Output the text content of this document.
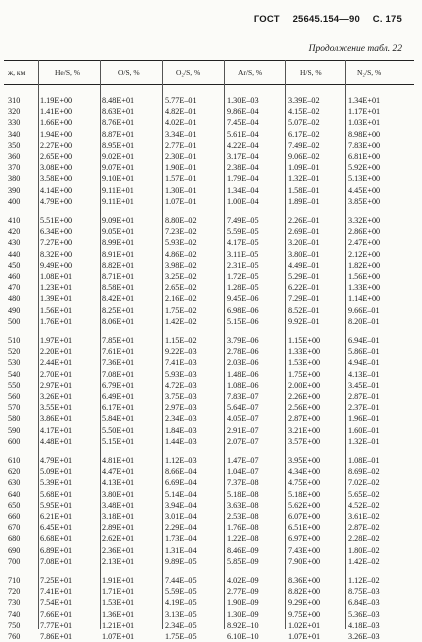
ГОСТ 25645.154—90 С. 175
Продолжение табл. 22
ж, км	He/S, %	O/S, %	O₂/S, %	Ar/S, %	H/S, %	N₂/S, %
310	1.19E+00	8.48E+01	5.77E–01	1.30E–03	3.39E–02	1.34E+01
320	1.41E+00	8.63E+01	4.82E–01	9.86E–04	4.15E–02	1.17E+01
330	1.66E+00	8.76E+01	4.02E–01	7.45E–04	5.07E–02	1.03E+01
340	1.94E+00	8.87E+01	3.34E–01	5.61E–04	6.17E–02	8.98E+00
350	2.27E+00	8.95E+01	2.77E–01	4.22E–04	7.49E–02	7.83E+00
360	2.65E+00	9.02E+01	2.30E–01	3.17E–04	9.06E–02	6.81E+00
370	3.08E+00	9.07E+01	1.90E–01	2.38E–04	1.09E–01	5.92E+00
380	3.58E+00	9.10E+01	1.57E–01	1.79E–04	1.32E–01	5.13E+00
390	4.14E+00	9.11E+01	1.30E–01	1.34E–04	1.58E–01	4.45E+00
400	4.79E+00	9.11E+01	1.07E–01	1.00E–04	1.89E–01	3.85E+00
410	5.51E+00	9.09E+01	8.80E–02	7.49E–05	2.26E–01	3.32E+00
420	6.34E+00	9.05E+01	7.23E–02	5.59E–05	2.69E–01	2.86E+00
430	7.27E+00	8.99E+01	5.93E–02	4.17E–05	3.20E–01	2.47E+00
440	8.32E+00	8.91E+01	4.86E–02	3.11E–05	3.80E–01	2.12E+00
450	9.49E+00	8.82E+01	3.98E–02	2.31E–05	4.49E–01	1.82E+00
460	1.08E+01	8.71E+01	3.25E–02	1.72E–05	5.29E–01	1.56E+00
470	1.23E+01	8.58E+01	2.65E–02	1.28E–05	6.22E–01	1.33E+00
480	1.39E+01	8.42E+01	2.16E–02	9.45E–06	7.29E–01	1.14E+00
490	1.56E+01	8.25E+01	1.75E–02	6.98E–06	8.52E–01	9.66E–01
500	1.76E+01	8.06E+01	1.42E–02	5.15E–06	9.92E–01	8.20E–01
510	1.97E+01	7.85E+01	1.15E–02	3.79E–06	1.15E+00	6.94E–01
520	2.20E+01	7.61E+01	9.22E–03	2.78E–06	1.33E+00	5.86E–01
530	2.44E+01	7.36E+01	7.41E–03	2.03E–06	1.53E+00	4.94E–01
540	2.70E+01	7.08E+01	5.93E–03	1.48E–06	1.75E+00	4.13E–01
550	2.97E+01	6.79E+01	4.72E–03	1.08E–06	2.00E+00	3.45E–01
560	3.26E+01	6.49E+01	3.75E–03	7.83E–07	2.26E+00	2.87E–01
570	3.55E+01	6.17E+01	2.97E–03	5.64E–07	2.56E+00	2.37E–01
580	3.86E+01	5.84E+01	2.34E–03	4.05E–07	2.87E+00	1.96E–01
590	4.17E+01	5.50E+01	1.84E–03	2.91E–07	3.21E+00	1.60E–01
600	4.48E+01	5.15E+01	1.44E–03	2.07E–07	3.57E+00	1.32E–01
610	4.79E+01	4.81E+01	1.12E–03	1.47E–07	3.95E+00	1.08E–01
620	5.09E+01	4.47E+01	8.66E–04	1.04E–07	4.34E+00	8.69E–02
630	5.39E+01	4.13E+01	6.69E–04	7.37E–08	4.75E+00	7.02E–02
640	5.68E+01	3.80E+01	5.14E–04	5.18E–08	5.18E+00	5.65E–02
650	5.95E+01	3.48E+01	3.94E–04	3.63E–08	5.62E+00	4.52E–02
660	6.21E+01	3.18E+01	3.01E–04	2.53E–08	6.07E+00	3.61E–02
670	6.45E+01	2.89E+01	2.29E–04	1.76E–08	6.51E+00	2.87E–02
680	6.68E+01	2.62E+01	1.73E–04	1.22E–08	6.97E+00	2.28E–02
690	6.89E+01	2.36E+01	1.31E–04	8.46E–09	7.43E+00	1.80E–02
700	7.08E+01	2.13E+01	9.89E–05	5.85E–09	7.90E+00	1.42E–02
710	7.25E+01	1.91E+01	7.44E–05	4.02E–09	8.36E+00	1.12E–02
720	7.41E+01	1.71E+01	5.59E–05	2.77E–09	8.82E+00	8.75E–03
730	7.54E+01	1.53E+01	4.19E–05	1.90E–09	9.29E+00	6.84E–03
740	7.66E+01	1.36E+01	3.13E–05	1.30E–09	9.75E+00	5.36E–03
750	7.77E+01	1.21E+01	2.34E–05	8.92E–10	1.02E+01	4.18E–03
760	7.86E+01	1.07E+01	1.75E–05	6.10E–10	1.07E+01	3.26E–03
